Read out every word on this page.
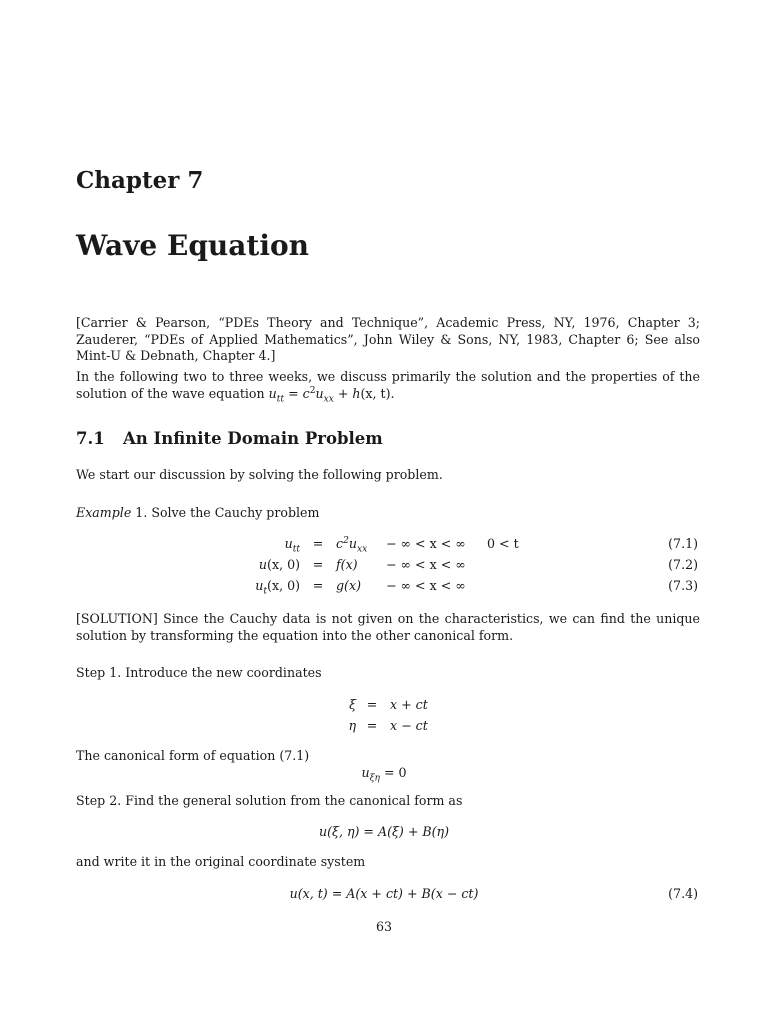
Chapter 7
Wave Equation
[Carrier & Pearson, “PDEs Theory and Technique”, Academic Press, NY, 1976, Chapter 3; Zauderer, “PDEs of Applied Mathematics”, John Wiley & Sons, NY, 1983, Chapter 6; See also Mint-U & Debnath, Chapter 4.]
In the following two to three weeks, we discuss primarily the solution and the properties of the solution of the wave equation $u_{tt} = c^2u_{xx} + h(x$, t).
7.1 An Infinite Domain Problem
We start our discussion by solving the following problem.
Example 1. Solve the Cauchy problem
$u_{tt}$	=	$c^2u_{xx}$	− ∞ < x < ∞	0 < t	(7.1)
u(x, 0)	=	f(x)	− ∞ < x < ∞	(7.2)
$u_t(x$, 0)	=	g(x)	− ∞ < x < ∞	(7.3)
[SOLUTION] Since the Cauchy data is not given on the characteristics, we can find the unique solution by transforming the equation into the other canonical form.
Step 1. Introduce the new coordinates
ξ =	x + ct
η =	x − ct
The canonical form of equation (7.1)
$u_{\xi\eta} = 0$
Step 2. Find the general solution from the canonical form as
u(ξ, η) = A(ξ) + B(η)
and write it in the original coordinate system
u(x, t) = A(x + ct) + B(x − ct)	(7.4)
63
